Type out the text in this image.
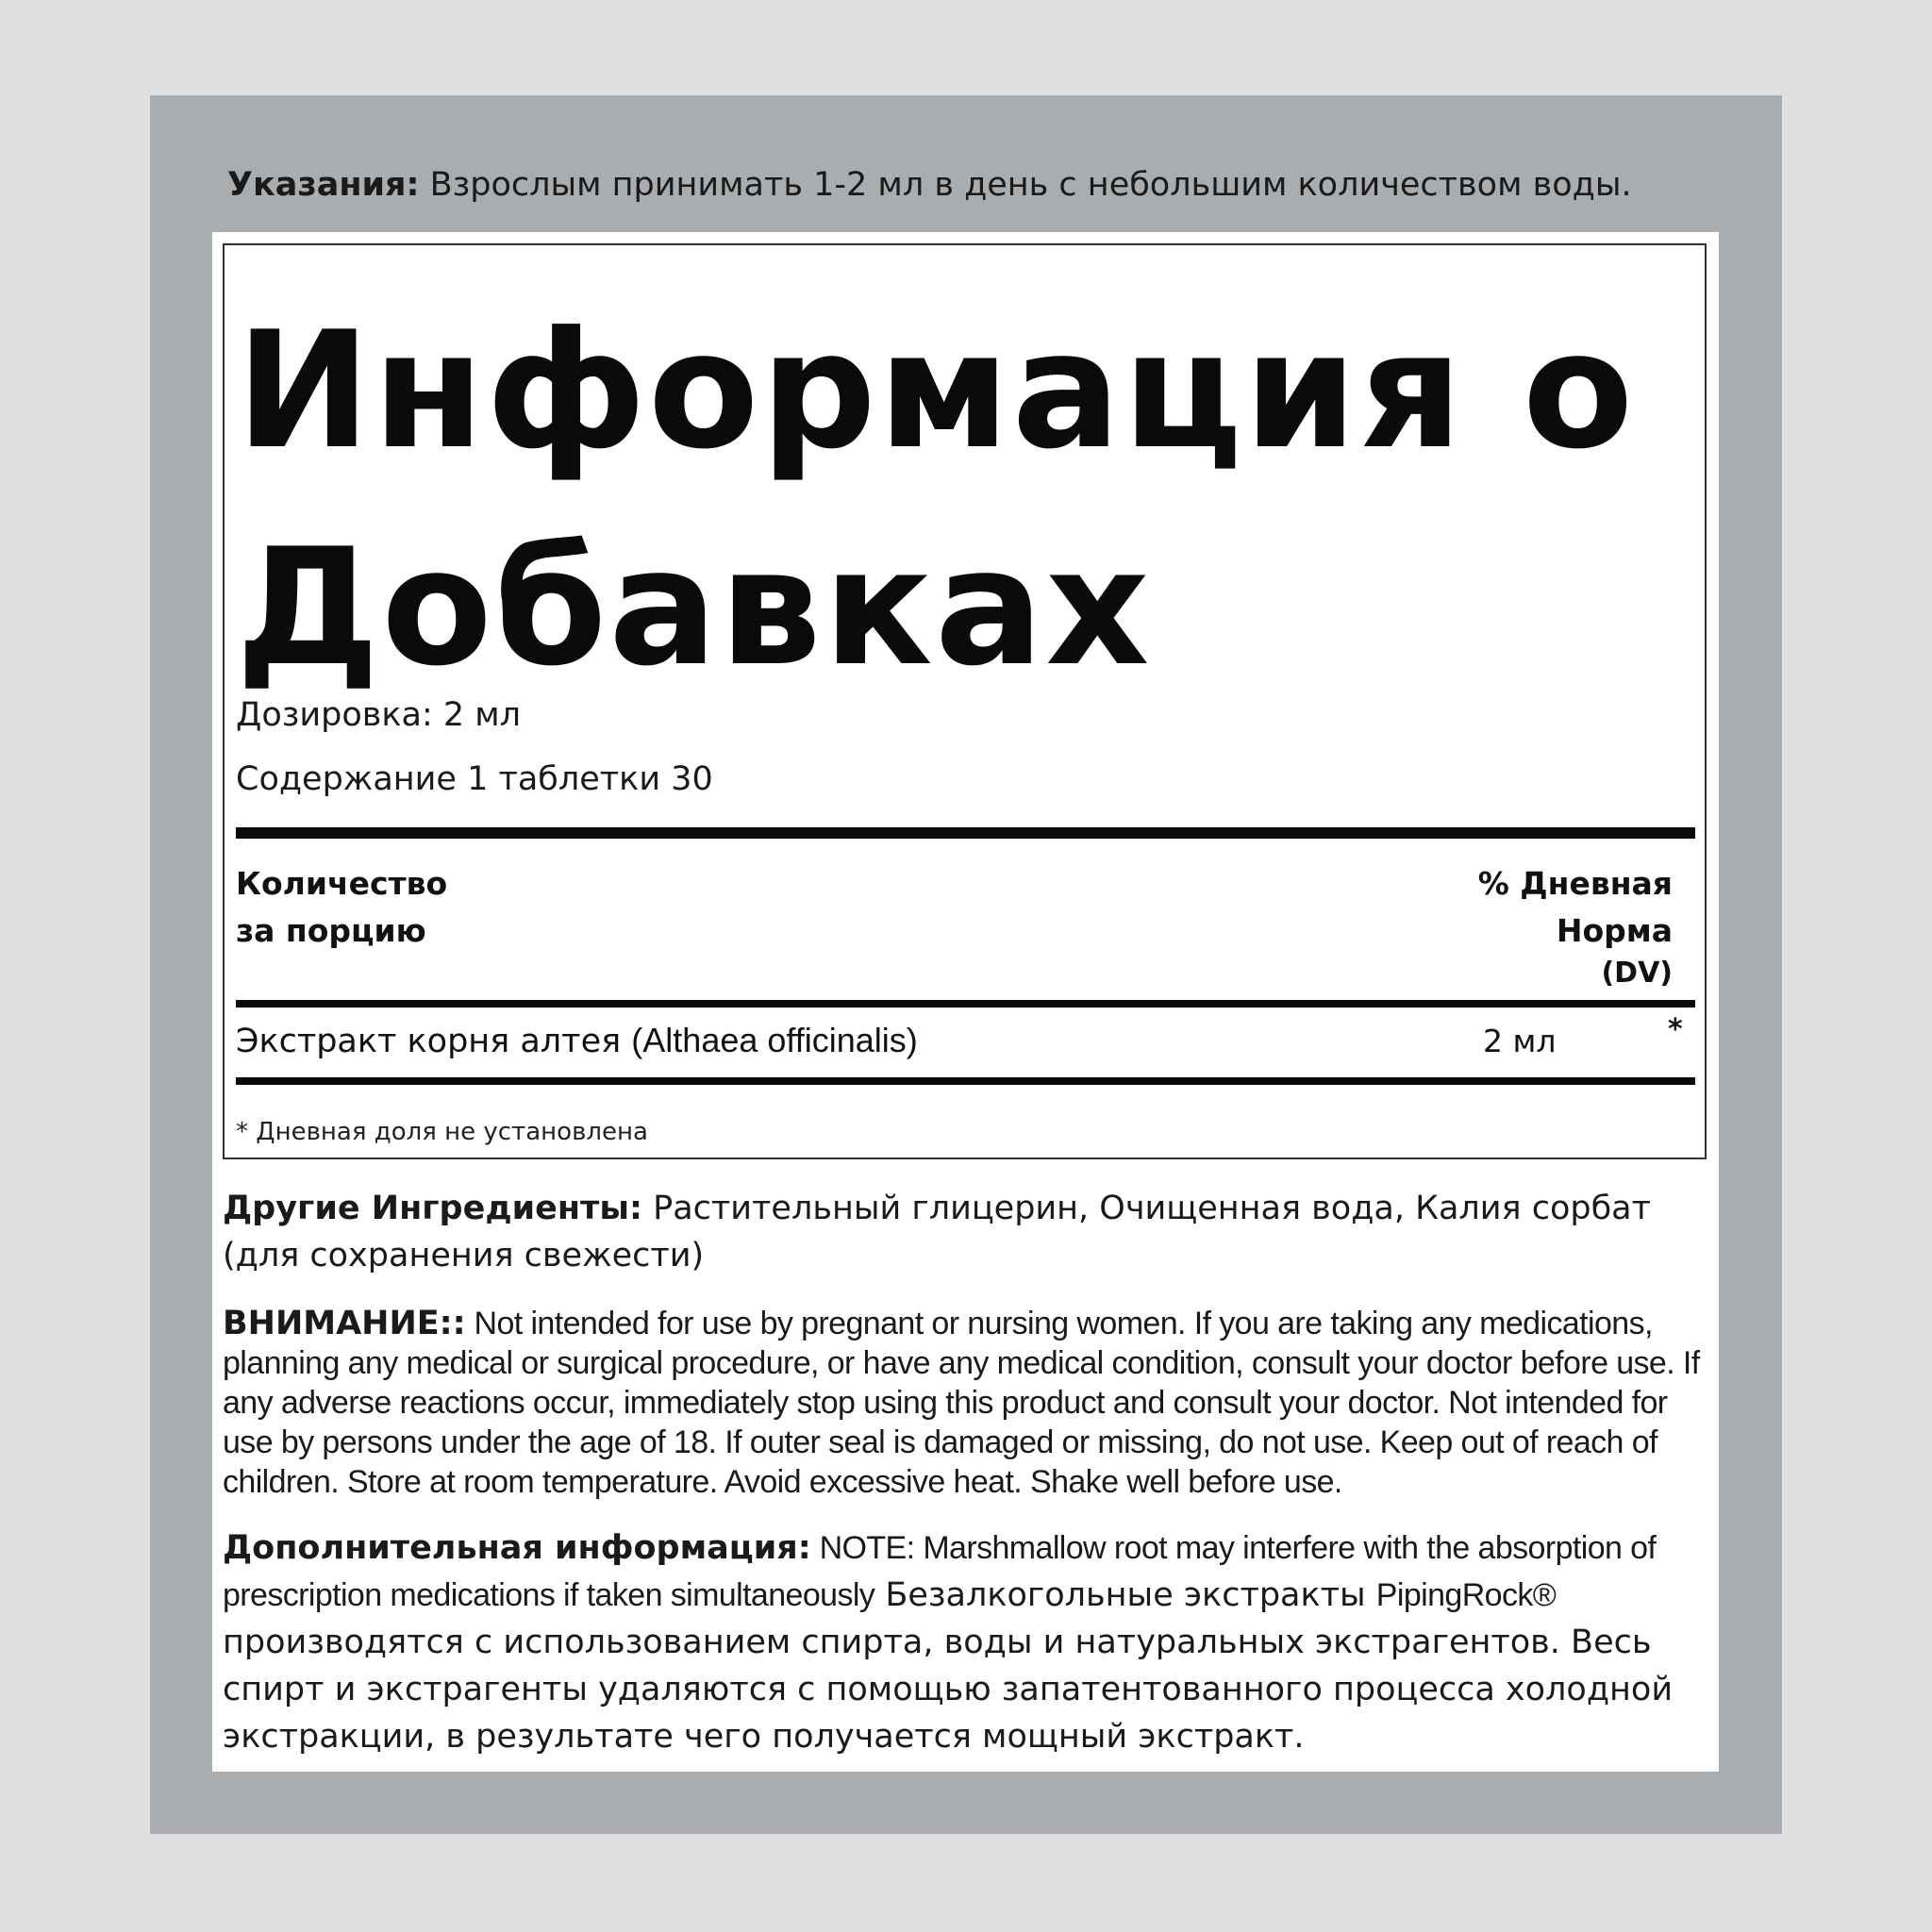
Указания: Взрослым принимать 1-2 мл в день с небольшим количеством воды.
Информация о Добавках
Дозировка: 2 мл
Содержание 1 таблетки 30
Количество
за порцию
% Дневная
Норма
(DV)
Экстракт корня алтея (Althaea officinalis)	2 мл	*
* Дневная доля не установлена
Другие Ингредиенты: Растительный глицерин, Очищенная вода, Калия сорбат (для сохранения свежести)
ВНИМАНИЕ:: Not intended for use by pregnant or nursing women. If you are taking any medications, planning any medical or surgical procedure, or have any medical condition, consult your doctor before use. If any adverse reactions occur, immediately stop using this product and consult your doctor. Not intended for use by persons under the age of 18. If outer seal is damaged or missing, do not use. Keep out of reach of children. Store at room temperature. Avoid excessive heat. Shake well before use.
Дополнительная информация: NOTE: Marshmallow root may interfere with the absorption of prescription medications if taken simultaneously Безалкогольные экстракты PipingRock® производятся с использованием спирта, воды и натуральных экстрагентов. Весь спирт и экстрагенты удаляются с помощью запатентованного процесса холодной экстракции, в результате чего получается мощный экстракт.
